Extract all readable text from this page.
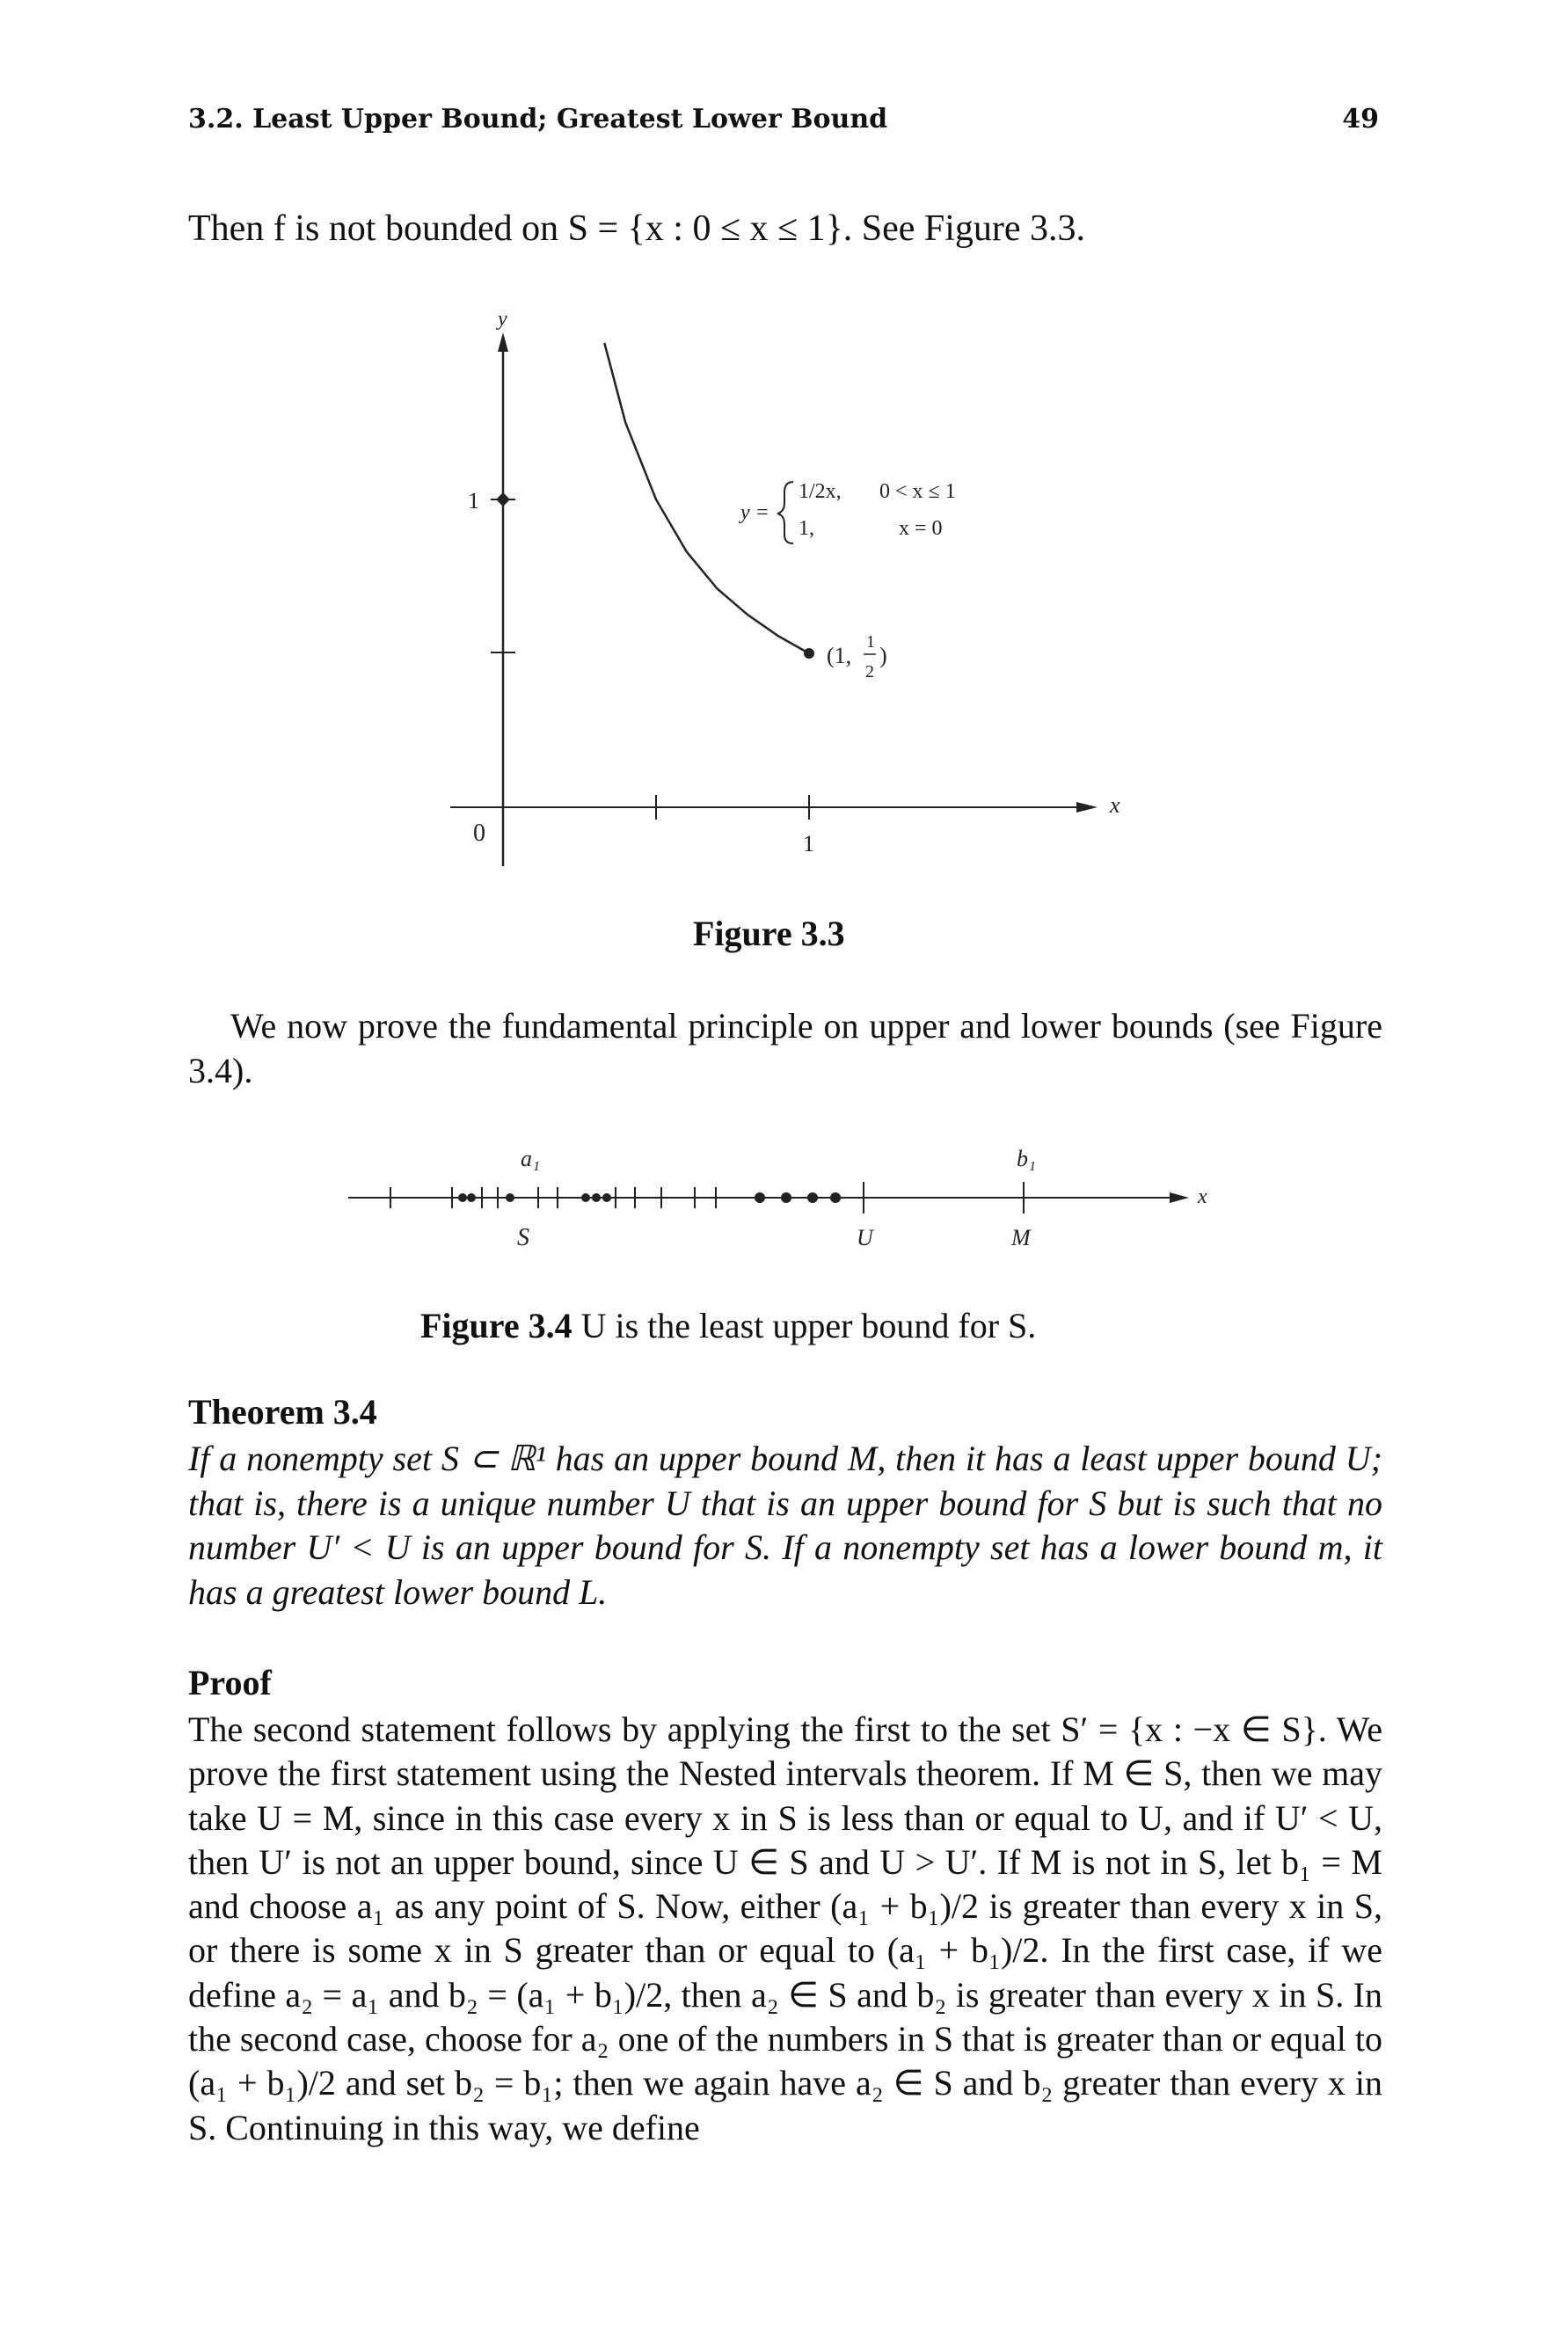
3.2. Least Upper Bound; Greatest Lower Bound	49
Then f is not bounded on S = {x : 0 ≤ x ≤ 1}. See Figure 3.3.
y
x
1
1
0
(1,
1
2
)
y =
1/2x, 0 < x ≤ 1
1,	x = 0
Figure 3.3
We now prove the fundamental principle on upper and lower bounds (see Figure 3.4).
x
a₁	b₁
S	U	M
Figure 3.4 U is the least upper bound for S.
Theorem 3.4
If a nonempty set S ⊂ ℝ¹ has an upper bound M, then it has a least upper bound U; that is, there is a unique number U that is an upper bound for S but is such that no number U′ < U is an upper bound for S. If a nonempty set has a lower bound m, it has a greatest lower bound L.
Proof
The second statement follows by applying the first to the set S′ = {x : −x ∈ S}. We prove the first statement using the Nested intervals theorem. If M ∈ S, then we may take U = M, since in this case every x in S is less than or equal to U, and if U′ < U, then U′ is not an upper bound, since U ∈ S and U > U′. If M is not in S, let b₁ = M and choose a₁ as any point of S. Now, either (a₁ + b₁)/2 is greater than every x in S, or there is some x in S greater than or equal to (a₁ + b₁)/2. In the first case, if we define a₂ = a₁ and b₂ = (a₁ + b₁)/2, then a₂ ∈ S and b₂ is greater than every x in S. In the second case, choose for a₂ one of the numbers in S that is greater than or equal to (a₁ + b₁)/2 and set b₂ = b₁; then we again have a₂ ∈ S and b₂ greater than every x in S. Continuing in this way, we define
